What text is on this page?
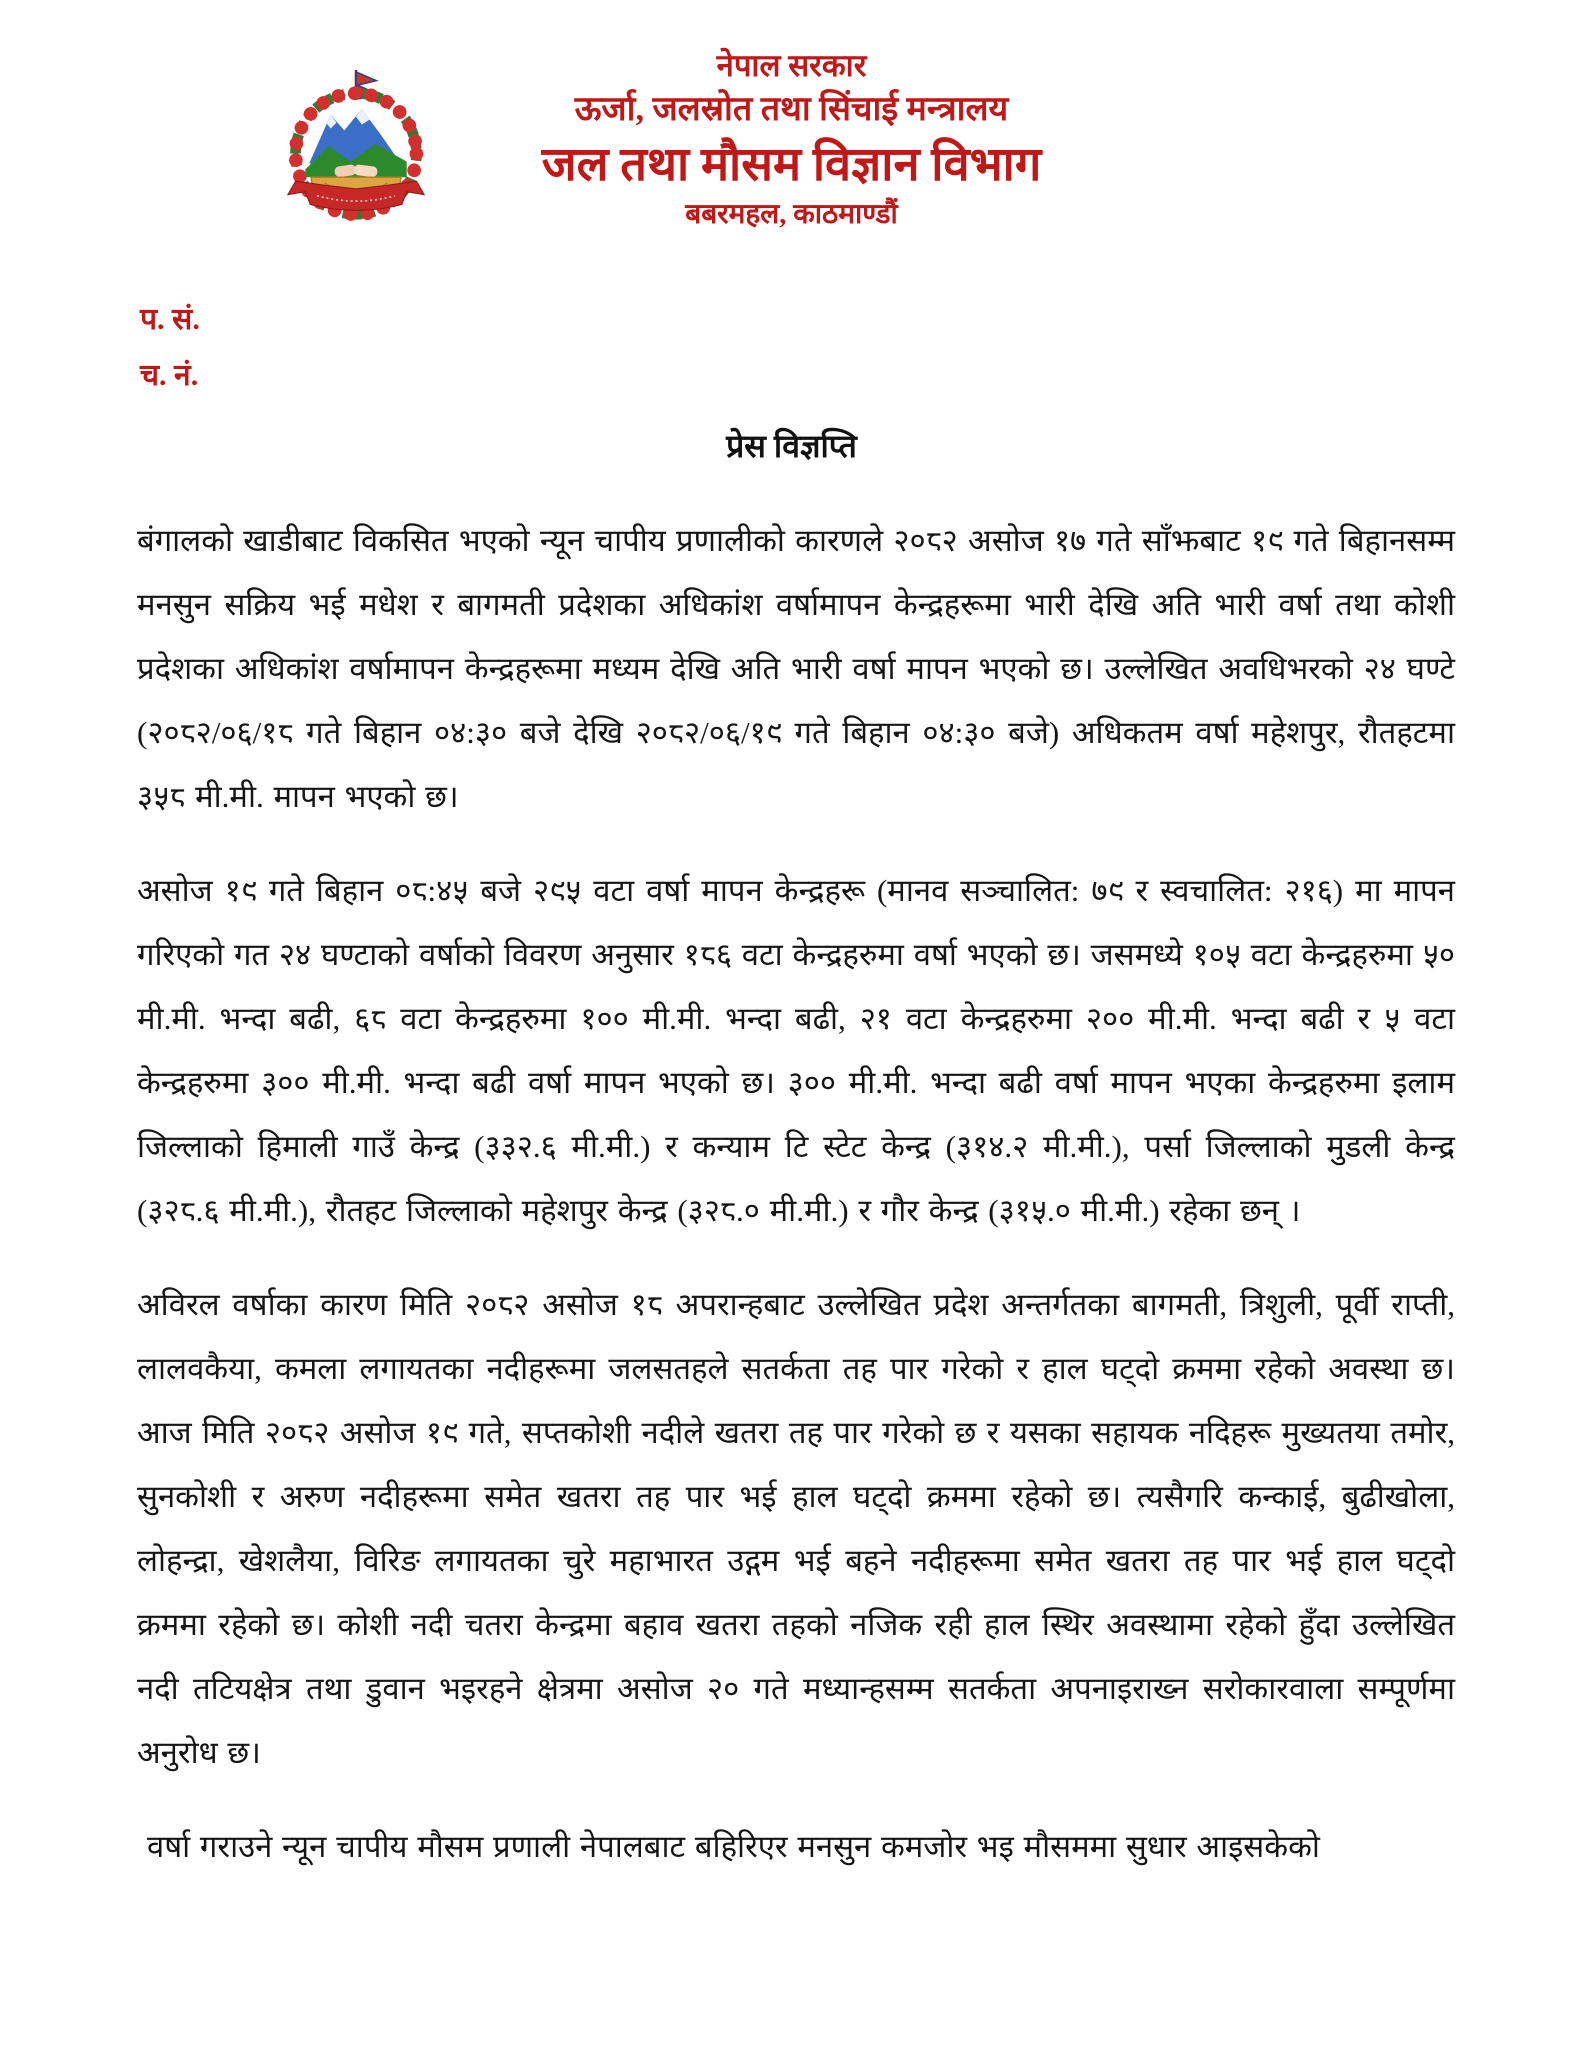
नेपाल सरकार
ऊर्जा, जलस्रोत तथा सिंचाई मन्त्रालय
जल तथा मौसम विज्ञान विभाग
बबरमहल, काठमाण्डौं
प. सं.
च. नं.
प्रेस विज्ञप्ति

बंगालको खाडीबाट विकसित भएको न्यून चापीय प्रणालीको कारणले २०८२ असोज १७ गते साँझबाट १९ गते बिहानसम्म मनसुन सक्रिय भई मधेश र बागमती प्रदेशका अधिकांश वर्षामापन केन्द्रहरूमा भारी देखि अति भारी वर्षा तथा कोशी प्रदेशका अधिकांश वर्षामापन केन्द्रहरूमा मध्यम देखि अति भारी वर्षा मापन भएको छ। उल्लेखित अवधिभरको २४ घण्टे (२०८२/०६/१८ गते बिहान ०४:३० बजे देखि २०८२/०६/१९ गते बिहान ०४:३० बजे) अधिकतम वर्षा महेशपुर, रौतहटमा ३५८ मी.मी. मापन भएको छ।

असोज १९ गते बिहान ०८:४५ बजे २९५ वटा वर्षा मापन केन्द्रहरू (मानव सञ्चालित: ७९ र स्वचालित: २१६) मा मापन गरिएको गत २४ घण्टाको वर्षाको विवरण अनुसार १८६ वटा केन्द्रहरुमा वर्षा भएको छ। जसमध्ये १०५ वटा केन्द्रहरुमा ५० मी.मी. भन्दा बढी, ६८ वटा केन्द्रहरुमा १०० मी.मी. भन्दा बढी, २१ वटा केन्द्रहरुमा २०० मी.मी. भन्दा बढी र ५ वटा केन्द्रहरुमा ३०० मी.मी. भन्दा बढी वर्षा मापन भएको छ। ३०० मी.मी. भन्दा बढी वर्षा मापन भएका केन्द्रहरुमा इलाम जिल्लाको हिमाली गाउँ केन्द्र (३३२.६ मी.मी.) र कन्याम टि स्टेट केन्द्र (३१४.२ मी.मी.), पर्सा जिल्लाको मुडली केन्द्र (३२८.६ मी.मी.), रौतहट जिल्लाको महेशपुर केन्द्र (३२८.० मी.मी.) र गौर केन्द्र (३१५.० मी.मी.) रहेका छन् ।

अविरल वर्षाका कारण मिति २०८२ असोज १८ अपरान्हबाट उल्लेखित प्रदेश अन्तर्गतका बागमती, त्रिशुली, पूर्वी राप्ती, लालवकैया, कमला लगायतका नदीहरूमा जलसतहले सतर्कता तह पार गरेको र हाल घट्दो क्रममा रहेको अवस्था छ। आज मिति २०८२ असोज १९ गते, सप्तकोशी नदीले खतरा तह पार गरेको छ र यसका सहायक नदिहरू मुख्यतया तमोर, सुनकोशी र अरुण नदीहरूमा समेत खतरा तह पार भई हाल घट्दो क्रममा रहेको छ। त्यसैगरि कन्काई, बुढीखोला, लोहन्द्रा, खेशलैया, विरिङ लगायतका चुरे महाभारत उद्गम भई बहने नदीहरूमा समेत खतरा तह पार भई हाल घट्दो क्रममा रहेको छ। कोशी नदी चतरा केन्द्रमा बहाव खतरा तहको नजिक रही हाल स्थिर अवस्थामा रहेको हुँदा उल्लेखित नदी तटियक्षेत्र तथा डुवान भइरहने क्षेत्रमा असोज २० गते मध्यान्हसम्म सतर्कता अपनाइराख्न सरोकारवाला सम्पूर्णमा अनुरोध छ।

वर्षा गराउने न्यून चापीय मौसम प्रणाली नेपालबाट बहिरिएर मनसुन कमजोर भइ मौसममा सुधार आइसकेको
